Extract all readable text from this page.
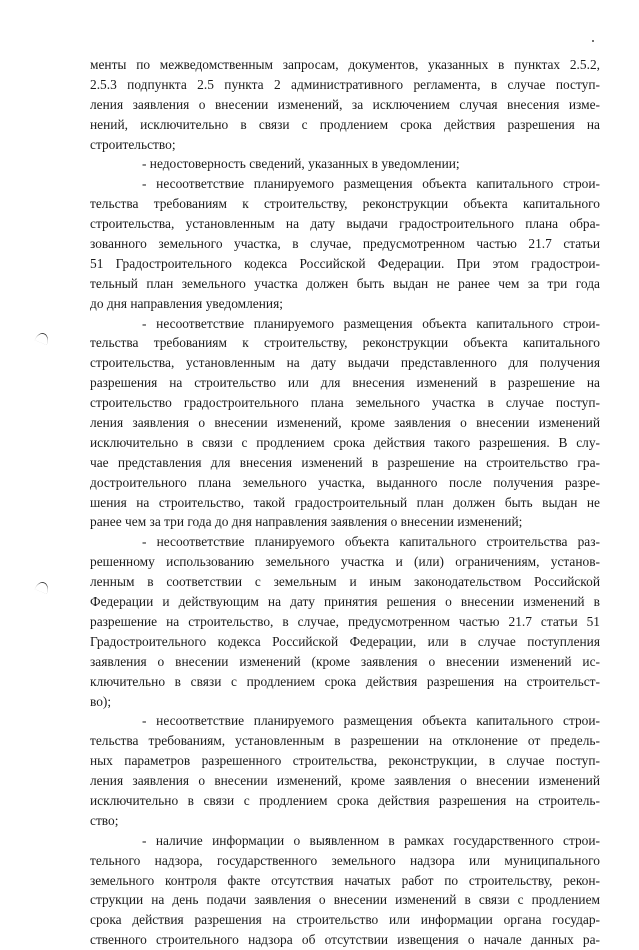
менты по межведомственным запросам, документов, указанных в пунктах 2.5.2,
2.5.3 подпункта 2.5 пункта 2 административного регламента, в случае поступ-
ления заявления о внесении изменений, за исключением случая внесения изме-
нений, исключительно в связи с продлением срока действия разрешения на
строительство;
- недостоверность сведений, указанных в уведомлении;
- несоответствие планируемого размещения объекта капитального строи-
тельства требованиям к строительству, реконструкции объекта капитального
строительства, установленным на дату выдачи градостроительного плана обра-
зованного земельного участка, в случае, предусмотренном частью 21.7 статьи
51 Градостроительного кодекса Российской Федерации. При этом градострои-
тельный план земельного участка должен быть выдан не ранее чем за три года
до дня направления уведомления;
- несоответствие планируемого размещения объекта капитального строи-
тельства требованиям к строительству, реконструкции объекта капитального
строительства, установленным на дату выдачи представленного для получения
разрешения на строительство или для внесения изменений в разрешение на
строительство градостроительного плана земельного участка в случае поступ-
ления заявления о внесении изменений, кроме заявления о внесении изменений
исключительно в связи с продлением срока действия такого разрешения. В слу-
чае представления для внесения изменений в разрешение на строительство гра-
достроительного плана земельного участка, выданного после получения разре-
шения на строительство, такой градостроительный план должен быть выдан не
ранее чем за три года до дня направления заявления о внесении изменений;
- несоответствие планируемого объекта капитального строительства раз-
решенному использованию земельного участка и (или) ограничениям, установ-
ленным в соответствии с земельным и иным законодательством Российской
Федерации и действующим на дату принятия решения о внесении изменений в
разрешение на строительство, в случае, предусмотренном частью 21.7 статьи 51
Градостроительного кодекса Российской Федерации, или в случае поступления
заявления о внесении изменений (кроме заявления о внесении изменений ис-
ключительно в связи с продлением срока действия разрешения на строительст-
во);
- несоответствие планируемого размещения объекта капитального строи-
тельства требованиям, установленным в разрешении на отклонение от предель-
ных параметров разрешенного строительства, реконструкции, в случае поступ-
ления заявления о внесении изменений, кроме заявления о внесении изменений
исключительно в связи с продлением срока действия разрешения на строитель-
ство;
- наличие информации о выявленном в рамках государственного строи-
тельного надзора, государственного земельного надзора или муниципального
земельного контроля факте отсутствия начатых работ по строительству, рекон-
струкции на день подачи заявления о внесении изменений в связи с продлением
срока действия разрешения на строительство или информации органа государ-
ственного строительного надзора об отсутствии извещения о начале данных ра-
